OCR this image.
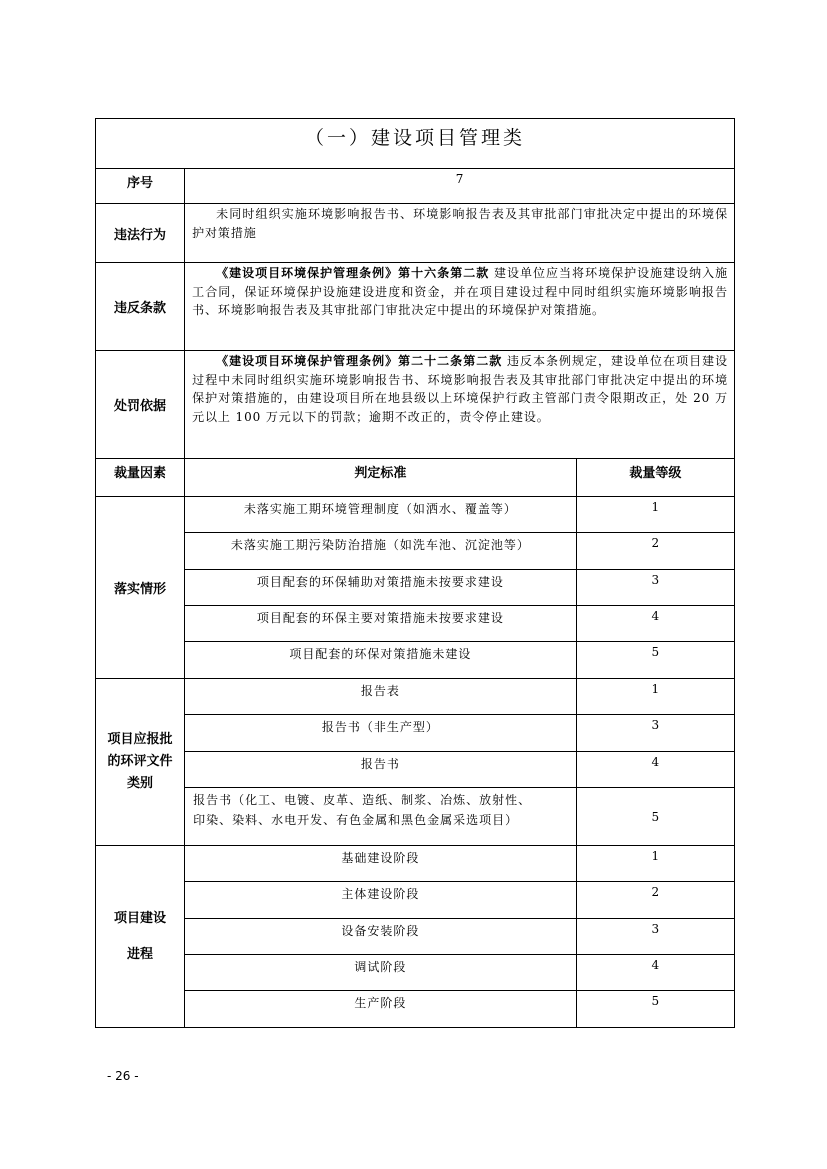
（一）建设项目管理类		
序号	7	
违法行为	未同时组织实施环境影响报告书、环境影响报告表及其审批部门审批决定中提出的环境保护对策措施	
违反条款	《建设项目环境保护管理条例》第十六条第二款 建设单位应当将环境保护设施建设纳入施工合同，保证环境保护设施建设进度和资金，并在项目建设过程中同时组织实施环境影响报告书、环境影响报告表及其审批部门审批决定中提出的环境保护对策措施。	
处罚依据	《建设项目环境保护管理条例》第二十二条第二款 违反本条例规定，建设单位在项目建设过程中未同时组织实施环境影响报告书、环境影响报告表及其审批部门审批决定中提出的环境保护对策措施的，由建设项目所在地县级以上环境保护行政主管部门责令限期改正，处 20 万元以上 100 万元以下的罚款；逾期不改正的，责令停止建设。	
裁量因素	判定标准	裁量等级
落实情形	未落实施工期环境管理制度（如洒水、覆盖等）	1
	未落实施工期污染防治措施（如洗车池、沉淀池等）	2
	项目配套的环保辅助对策措施未按要求建设	3
	项目配套的环保主要对策措施未按要求建设	4
	项目配套的环保对策措施未建设	5

项目应报批
的环评文件
类别	报告表	1
	报告书（非生产型）	3
	报告书	4

	报告书（化工、电镀、皮革、造纸、制浆、冶炼、放射性、
印染、染料、水电开发、有色金属和黑色金属采选项目）	5

项目建设
进程	基础建设阶段	1
	主体建设阶段	2
	设备安装阶段	3
	调试阶段	4
	生产阶段	5
- 26 -
